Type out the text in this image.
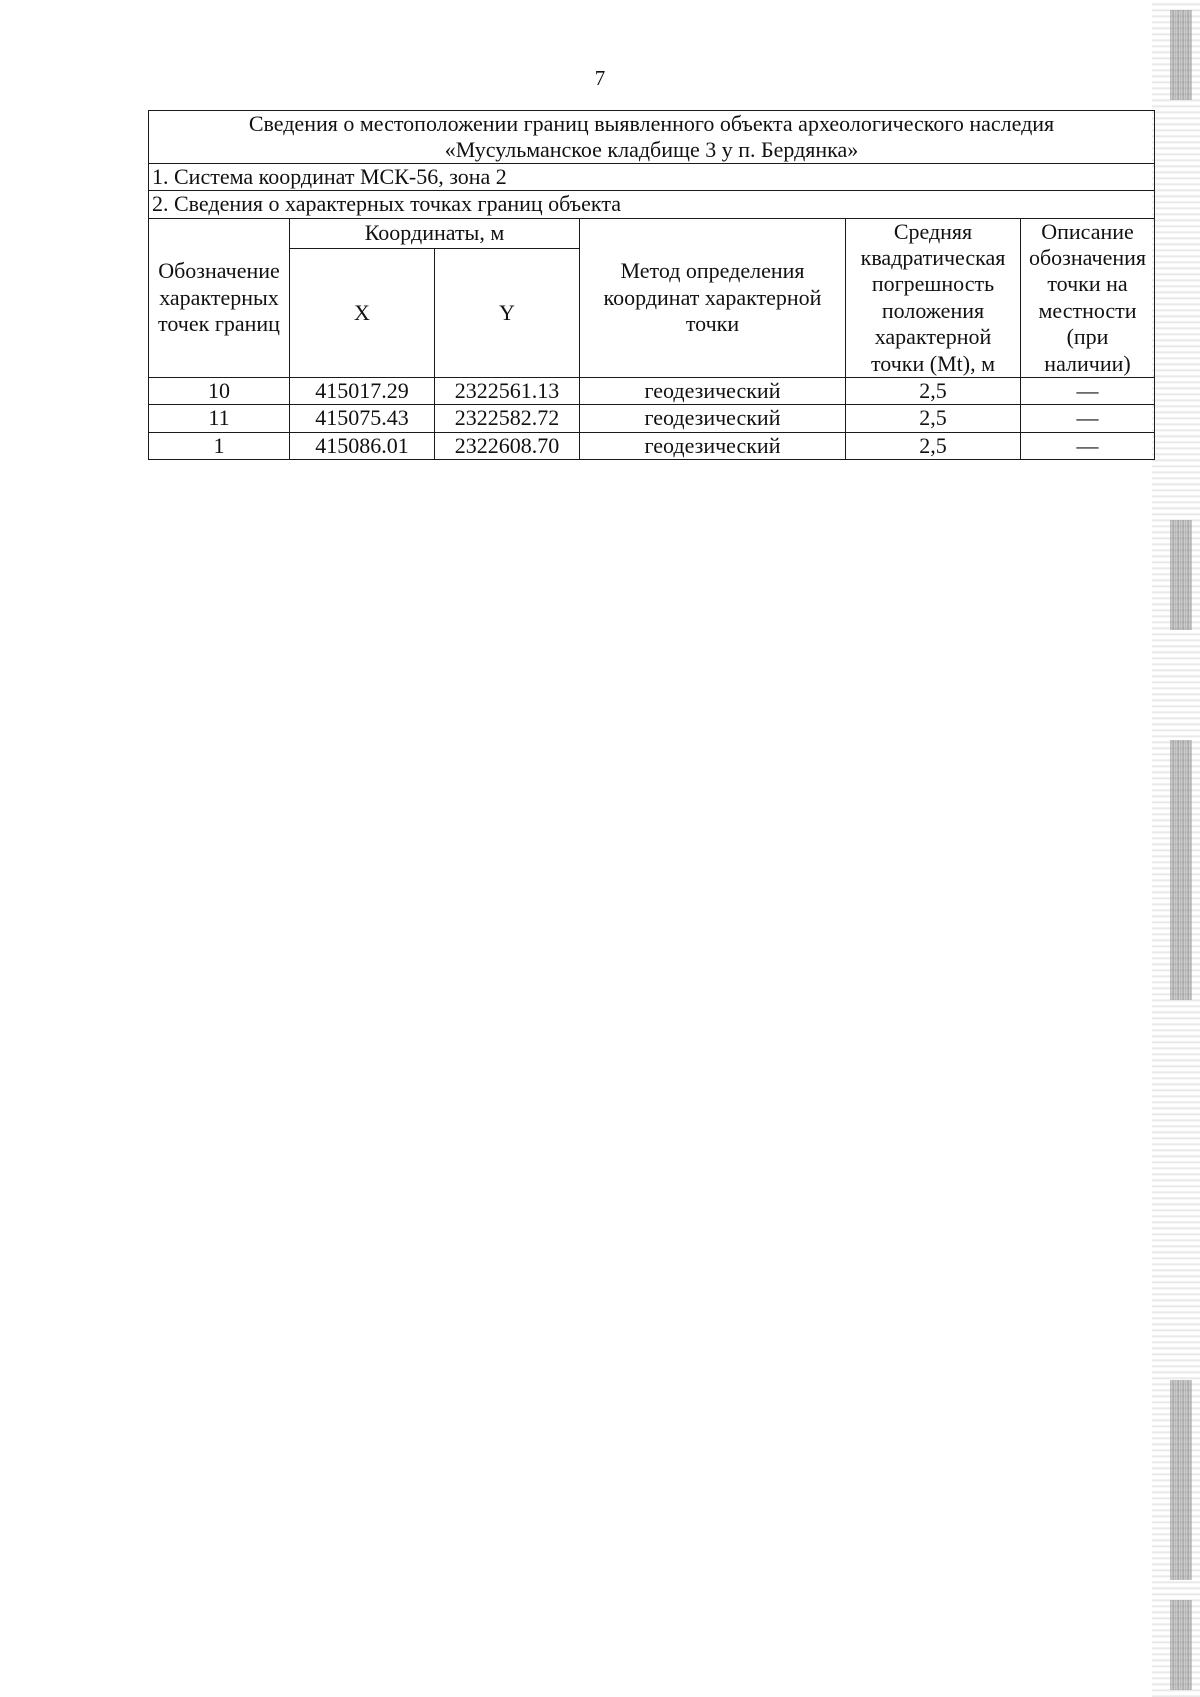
7
Сведения о местоположении границ выявленного объекта археологического наследия
«Мусульманское кладбище 3 у п. Бердянка»					

1. Система координат МСК-56, зона 2					
2. Сведения о характерных точках границ объекта					
Обозначение характерных точек границ	Координаты, м		Метод определения координат характерной точки	Средняя квадратическая погрешность положения характерной точки (Mt), м	Описание обозначения точки на местности (при наличии)
	X	Y			
10	415017.29	2322561.13	геодезический	2,5	—
11	415075.43	2322582.72	геодезический	2,5	—
1	415086.01	2322608.70	геодезический	2,5	—
